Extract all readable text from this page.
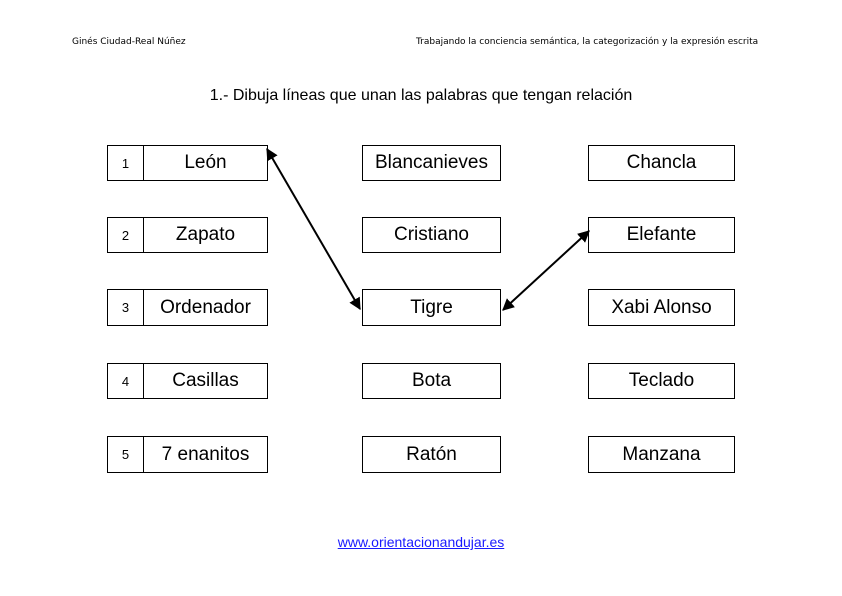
Ginés Ciudad-Real Núñez	Trabajando la conciencia semántica, la categorización y la expresión escrita
1.- Dibuja líneas que unan las palabras que tengan relación
1	León	Blancanieves	Chancla
2	Zapato	Cristiano	Elefante
3	Ordenador	Tigre	Xabi Alonso
4	Casillas	Bota	Teclado
5	7 enanitos	Ratón	Manzana
www.orientacionandujar.es
